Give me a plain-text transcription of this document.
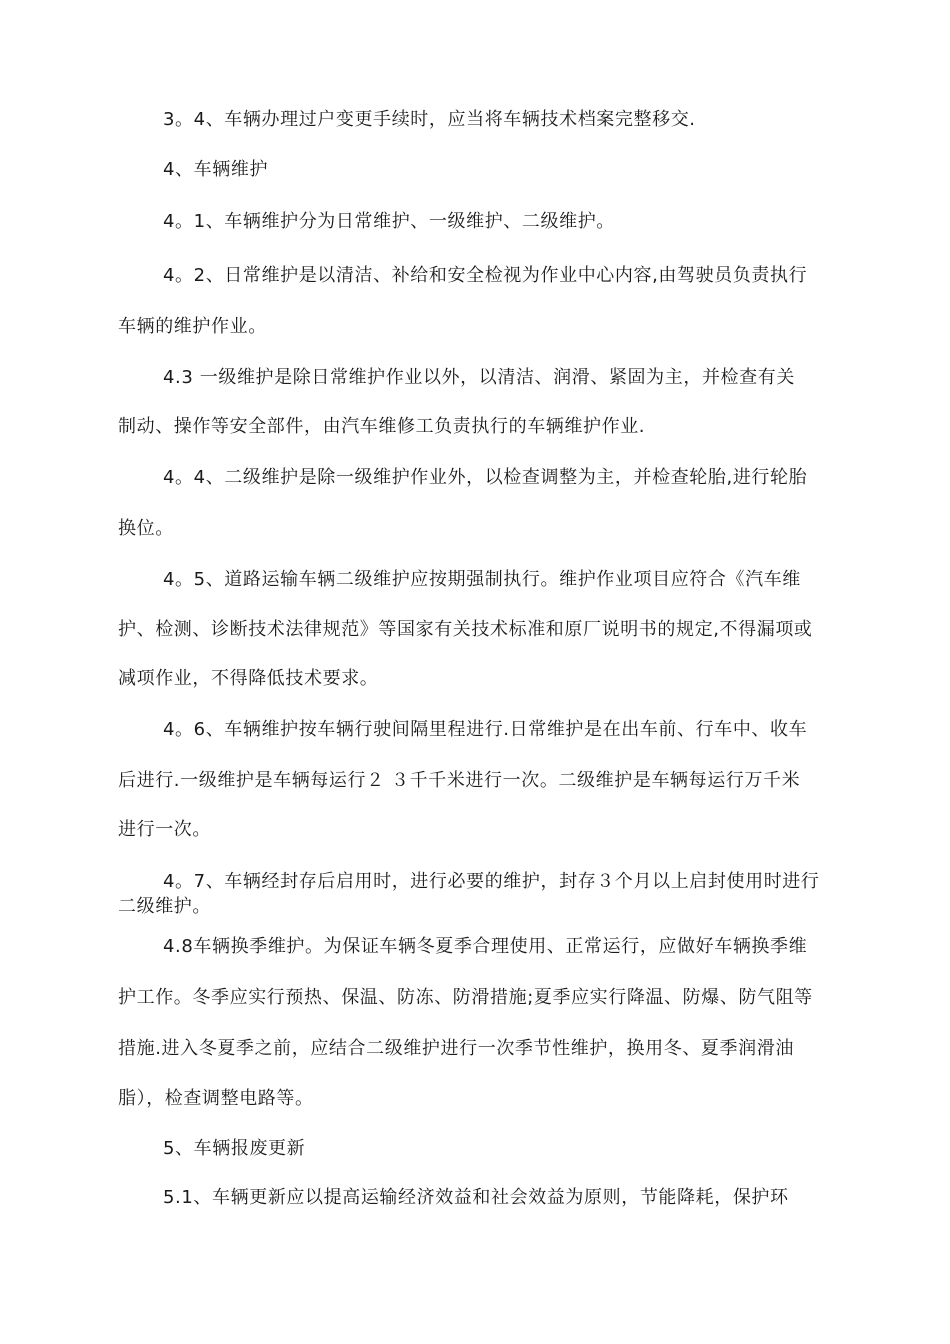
3。4、车辆办理过户变更手续时，应当将车辆技术档案完整移交.
4、车辆维护
4。1、车辆维护分为日常维护、一级维护、二级维护。
4。2、日常维护是以清洁、补给和安全检视为作业中心内容,由驾驶员负责执行
车辆的维护作业。
4.3 一级维护是除日常维护作业以外，以清洁、润滑、紧固为主，并检查有关
制动、操作等安全部件，由汽车维修工负责执行的车辆维护作业.
4。4、二级维护是除一级维护作业外，以检查调整为主，并检查轮胎,进行轮胎
换位。
4。5、道路运输车辆二级维护应按期强制执行。维护作业项目应符合《汽车维
护、检测、诊断技术法律规范》等国家有关技术标准和原厂说明书的规定,不得漏项或
减项作业，不得降低技术要求。
4。6、车辆维护按车辆行驶间隔里程进行.日常维护是在出车前、行车中、收车
后进行.一级维护是车辆每运行２ ３千千米进行一次。二级维护是车辆每运行万千米
进行一次。
4。7、车辆经封存后启用时，进行必要的维护，封存３个月以上启封使用时进行
二级维护。
4.8车辆换季维护。为保证车辆冬夏季合理使用、正常运行，应做好车辆换季维
护工作。冬季应实行预热、保温、防冻、防滑措施;夏季应实行降温、防爆、防气阻等
措施.进入冬夏季之前，应结合二级维护进行一次季节性维护，换用冬、夏季润滑油
脂），检查调整电路等。
5、车辆报废更新
5.1、车辆更新应以提高运输经济效益和社会效益为原则，节能降耗，保护环
